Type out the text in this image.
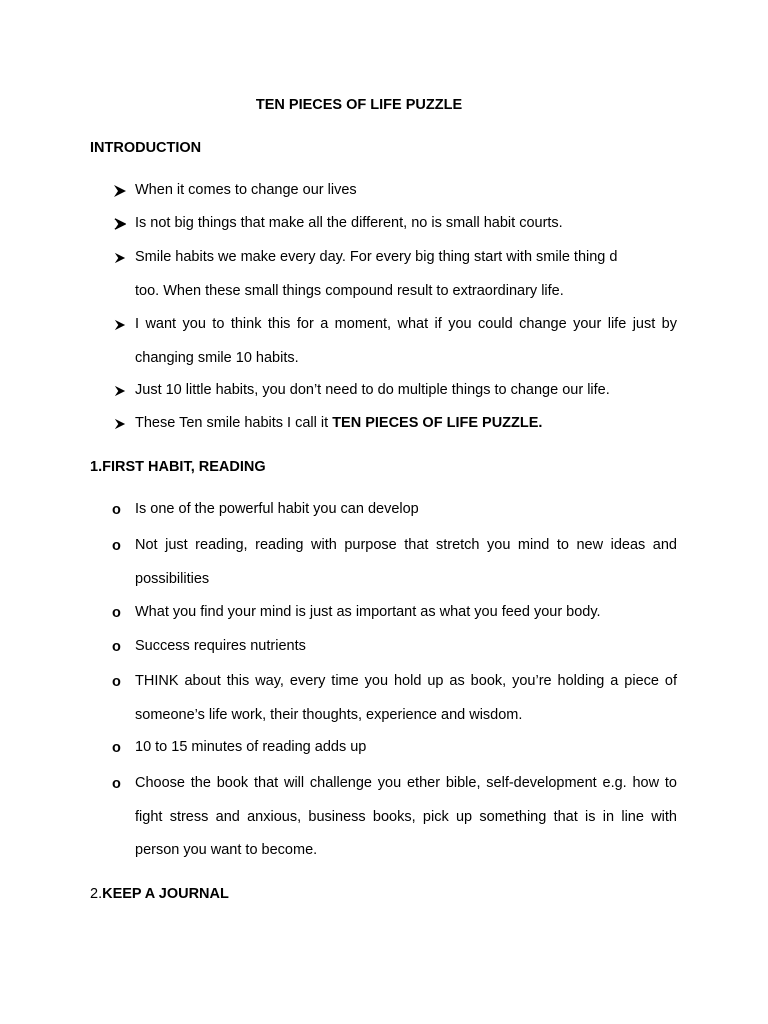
TEN PIECES OF LIFE PUZZLE
INTRODUCTION
When it comes to change our lives
Is not big things that make all the different, no is small habit courts.
Smile habits we make every day. For every big thing start with smile thing d
too. When these small things compound result to extraordinary life.
I want you to think this for a moment, what if you could change your life just by changing smile 10 habits.
Just 10 little habits, you don’t need to do multiple things to change our life.
These Ten smile habits I call it TEN PIECES OF LIFE PUZZLE.
1.FIRST HABIT, READING
o Is one of the powerful habit you can develop
o Not just reading, reading with purpose that stretch you mind to new ideas and possibilities
o What you find your mind is just as important as what you feed your body.
o Success requires nutrients
o THINK about this way, every time you hold up as book, you’re holding a piece of someone’s life work, their thoughts, experience and wisdom.
o 10 to 15 minutes of reading adds up
o Choose the book that will challenge you ether bible, self-development e.g. how to fight stress and anxious, business books, pick up something that is in line with person you want to become.
2.KEEP A JOURNAL
